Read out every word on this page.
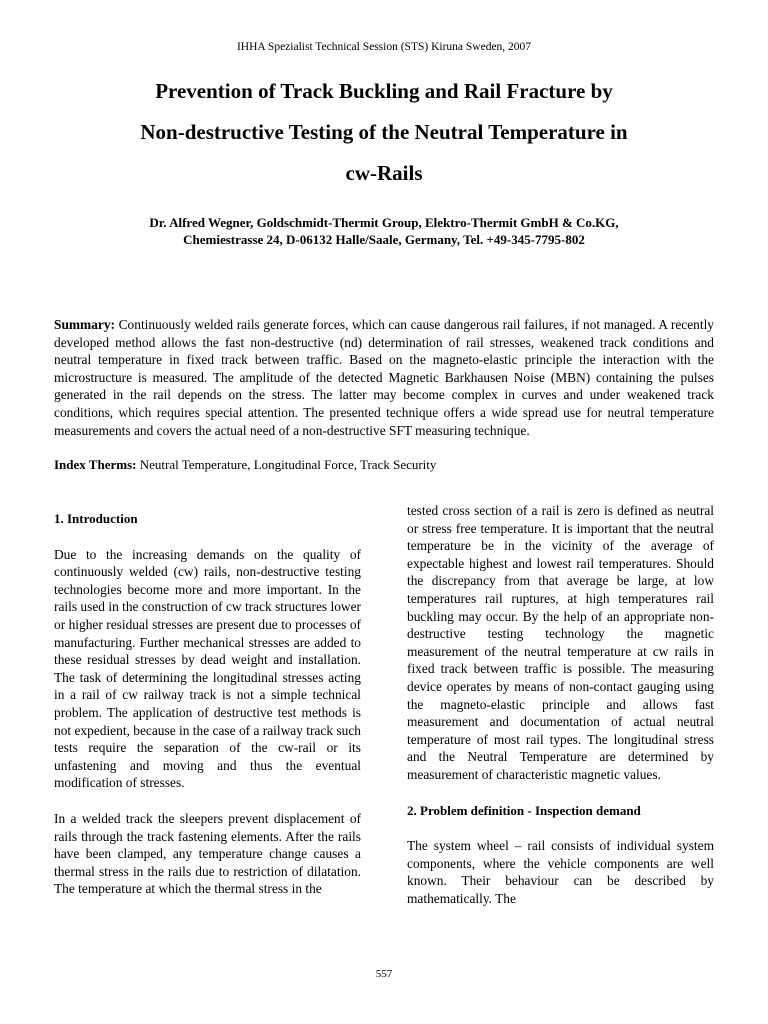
IHHA Spezialist Technical Session (STS) Kiruna Sweden, 2007
Prevention of Track Buckling and Rail Fracture by
Non-destructive Testing of the Neutral Temperature in
cw-Rails
Dr. Alfred Wegner, Goldschmidt-Thermit Group, Elektro-Thermit GmbH & Co.KG,
Chemiestrasse 24, D-06132 Halle/Saale, Germany, Tel. +49-345-7795-802
Summary: Continuously welded rails generate forces, which can cause dangerous rail failures, if not managed. A recently developed method allows the fast non-destructive (nd) determination of rail stresses, weakened track conditions and neutral temperature in fixed track between traffic. Based on the magneto-elastic principle the interaction with the microstructure is measured. The amplitude of the detected Magnetic Barkhausen Noise (MBN) containing the pulses generated in the rail depends on the stress. The latter may become complex in curves and under weakened track conditions, which requires special attention. The presented technique offers a wide spread use for neutral temperature measurements and covers the actual need of a non-destructive SFT measuring technique.
Index Therms: Neutral Temperature, Longitudinal Force, Track Security

1. Introduction

Due to the increasing demands on the quality of continuously welded (cw) rails, non-destructive testing technologies become more and more important. In the rails used in the construction of cw track structures lower or higher residual stresses are present due to processes of manufacturing. Further mechanical stresses are added to these residual stresses by dead weight and installation. The task of determining the longitudinal stresses acting in a rail of cw railway track is not a simple technical problem. The application of destructive test methods is not expedient, because in the case of a railway track such tests require the separation of the cw-rail or its unfastening and moving and thus the eventual modification of stresses.

In a welded track the sleepers prevent displacement of rails through the track fastening elements. After the rails have been clamped, any temperature change causes a thermal stress in the rails due to restriction of dilatation. The temperature at which the thermal stress in the

tested cross section of a rail is zero is defined as neutral or stress free temperature. It is important that the neutral temperature be in the vicinity of the average of expectable highest and lowest rail temperatures. Should the discrepancy from that average be large, at low temperatures rail ruptures, at high temperatures rail buckling may occur. By the help of an appropriate non-destructive testing technology the magnetic measurement of the neutral temperature at cw rails in fixed track between traffic is possible. The measuring device operates by means of non-contact gauging using the magneto-elastic principle and allows fast measurement and documentation of actual neutral temperature of most rail types. The longitudinal stress and the Neutral Temperature are determined by measurement of characteristic magnetic values.

2. Problem definition - Inspection demand

The system wheel – rail consists of individual system components, where the vehicle components are well known. Their behaviour can be described by mathematically. The

557
